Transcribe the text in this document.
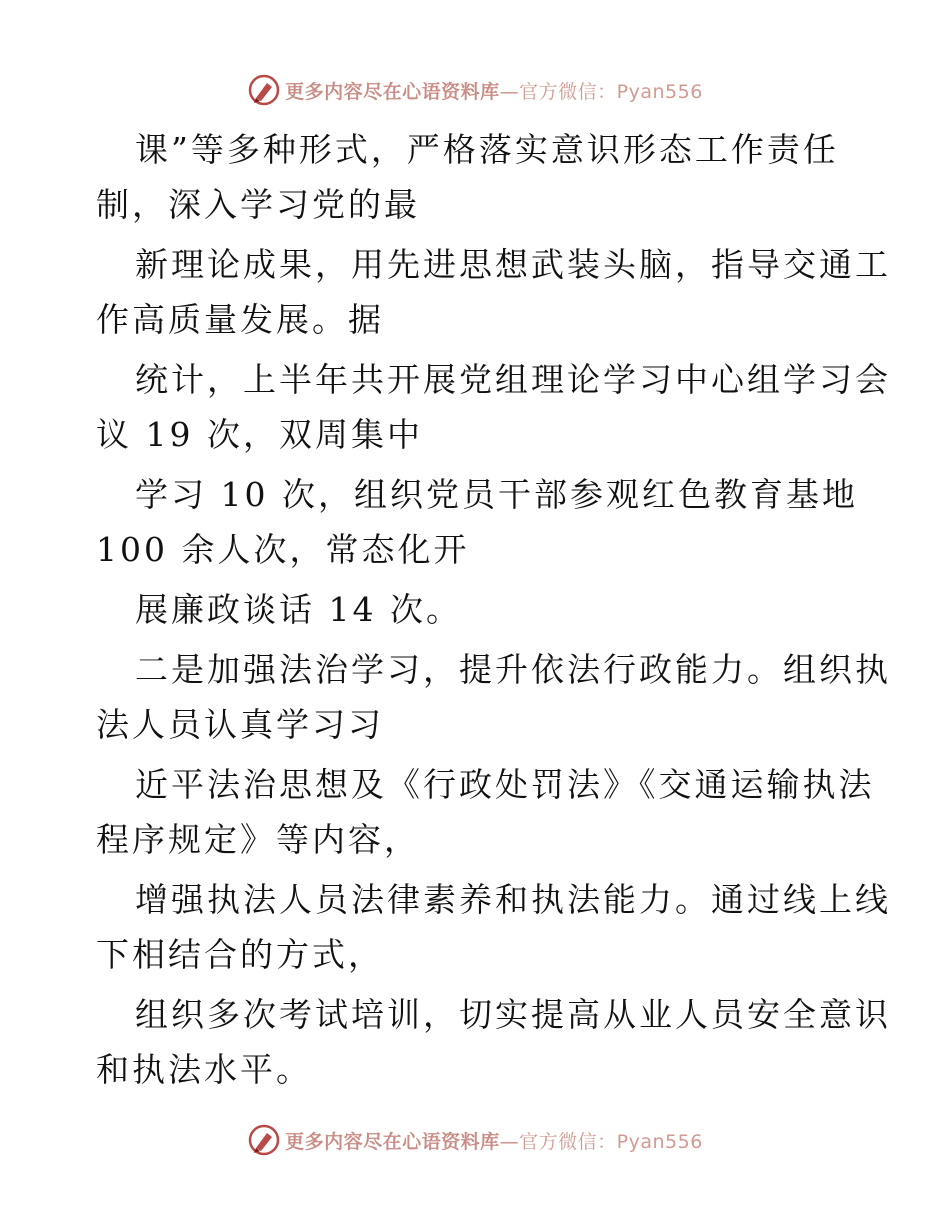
更多内容尽在心语资料库—官方微信：Pyan556
课”等多种形式，严格落实意识形态工作责任
制，深入学习党的最
新理论成果，用先进思想武装头脑，指导交通工
作高质量发展。据
统计，上半年共开展党组理论学习中心组学习会
议 19 次，双周集中
学习 10 次，组织党员干部参观红色教育基地
100 余人次，常态化开
展廉政谈话 14 次。
二是加强法治学习，提升依法行政能力。组织执
法人员认真学习习
近平法治思想及《行政处罚法》《交通运输执法
程序规定》等内容，
增强执法人员法律素养和执法能力。通过线上线
下相结合的方式，
组织多次考试培训，切实提高从业人员安全意识
和执法水平。
更多内容尽在心语资料库—官方微信：Pyan556
